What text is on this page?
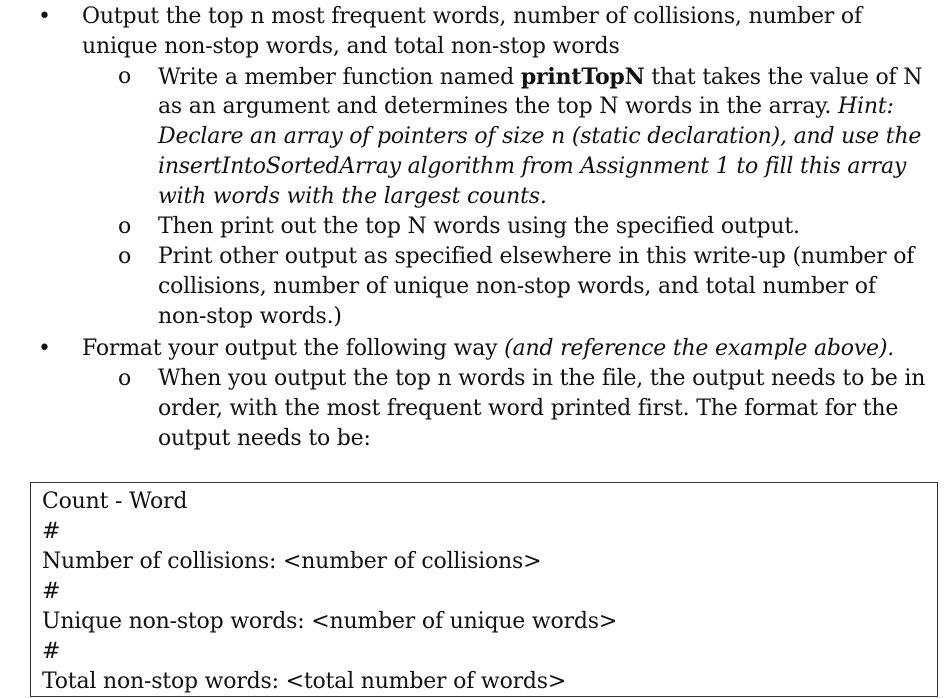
• Output the top n most frequent words, number of collisions, number of
unique non-stop words, and total non-stop words
o Write a member function named printTopN that takes the value of N
as an argument and determines the top N words in the array. Hint:
Declare an array of pointers of size n (static declaration), and use the
insertIntoSortedArray algorithm from Assignment 1 to fill this array
with words with the largest counts.
o Then print out the top N words using the specified output.
o Print other output as specified elsewhere in this write-up (number of
collisions, number of unique non-stop words, and total number of
non-stop words.)
• Format your output the following way (and reference the example above).
o When you output the top n words in the file, the output needs to be in
order, with the most frequent word printed first. The format for the
output needs to be:
Count - Word
#
Number of collisions: <number of collisions>
#
Unique non-stop words: <number of unique words>
#
Total non-stop words: <total number of words>
